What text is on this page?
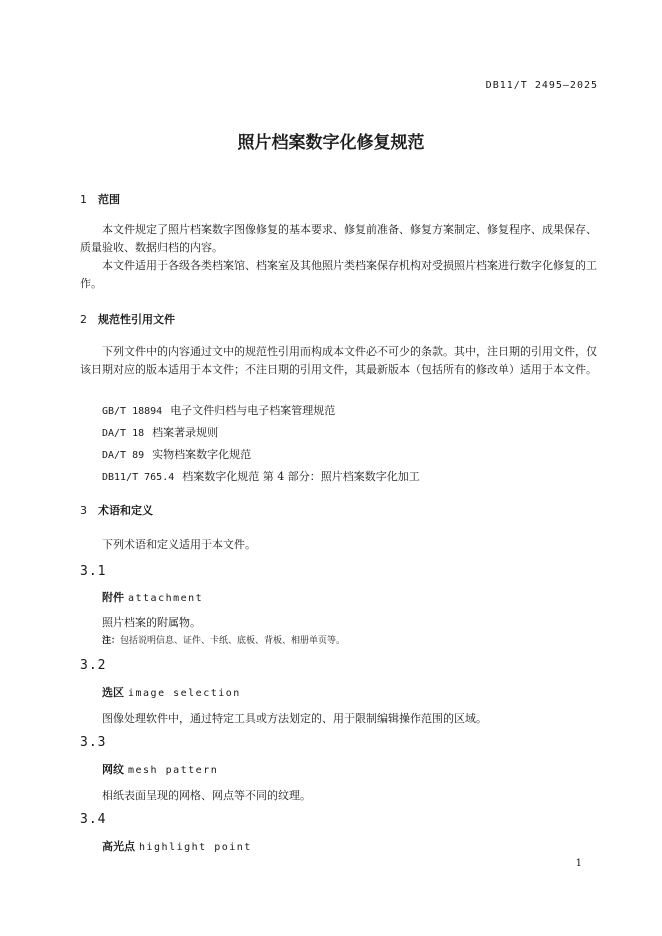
DB11/T 2495—2025
照片档案数字化修复规范
1 范围
本文件规定了照片档案数字图像修复的基本要求、修复前准备、修复方案制定、修复程序、成果保存、质量验收、数据归档的内容。
本文件适用于各级各类档案馆、档案室及其他照片类档案保存机构对受损照片档案进行数字化修复的工作。
2 规范性引用文件
下列文件中的内容通过文中的规范性引用而构成本文件必不可少的条款。其中，注日期的引用文件，仅该日期对应的版本适用于本文件；不注日期的引用文件，其最新版本（包括所有的修改单）适用于本文件。
GB/T 18894 电子文件归档与电子档案管理规范
DA/T 18 档案著录规则
DA/T 89 实物档案数字化规范
DB11/T 765.4 档案数字化规范 第 4 部分：照片档案数字化加工
3 术语和定义
下列术语和定义适用于本文件。
3.1
附件 attachment
照片档案的附属物。
注：包括说明信息、证件、卡纸、底板、背板、相册单页等。
3.2
选区 image selection
图像处理软件中，通过特定工具或方法划定的、用于限制编辑操作范围的区域。
3.3
网纹 mesh pattern
相纸表面呈现的网格、网点等不同的纹理。
3.4
高光点 highlight point
1
